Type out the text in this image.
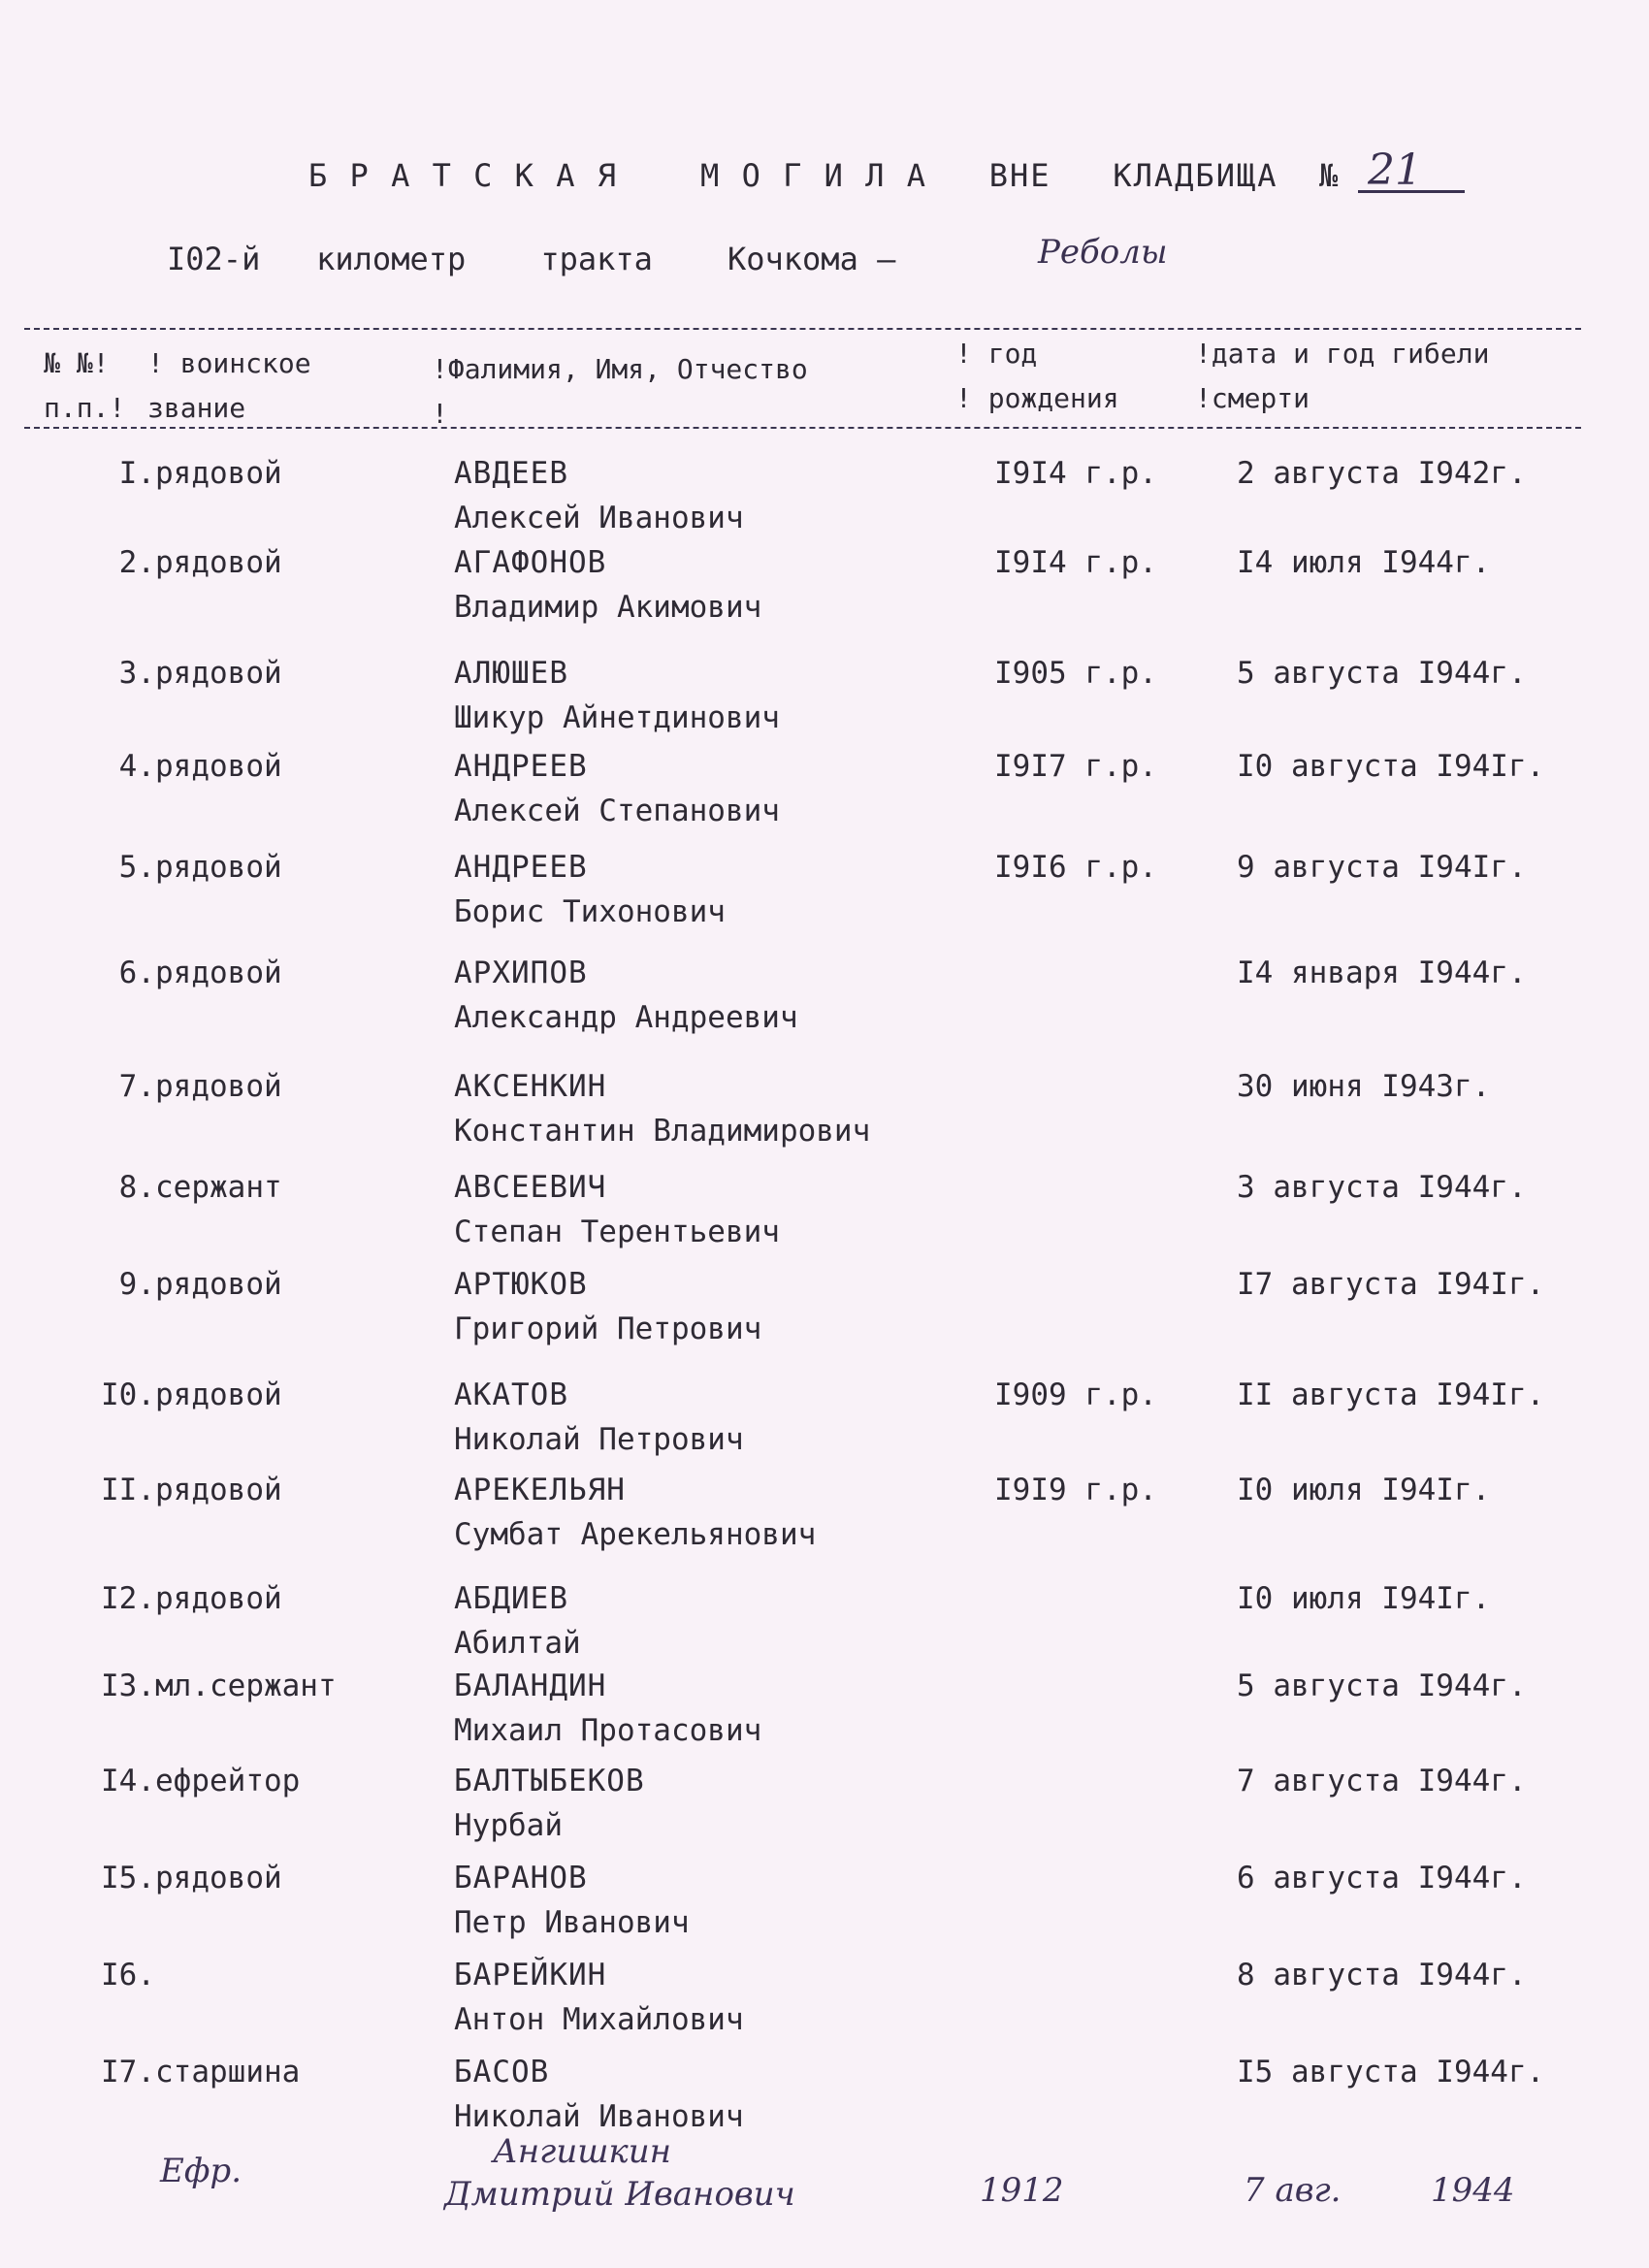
Б Р А Т С К А Я    М О Г И Л А   ВНЕ   КЛАДБИЩА  № 21
I02-й   километр    тракта    Кочкома –	Реболы
№ №!
п.п.!
! воинское
звание
!Фалимия, Имя, Отчество
!
! год
! рождения
!дата и год гибели
!смерти
I. рядовой	АВДЕЕВ
Алексей Иванович
I9I4 г.р.	2 августа I942г.
2. рядовой	АГАФОНОВ
Владимир Акимович
I9I4 г.р.	I4 июля I944г.
3. рядовой	АЛЮШЕВ
Шикур Айнетдинович
I905 г.р.	5 августа I944г.
4. рядовой	АНДРЕЕВ
Алексей Степанович
I9I7 г.р.	I0 августа I94Iг.
5. рядовой	АНДРЕЕВ
Борис Тихонович
I9I6 г.р.	9 августа I94Iг.
6. рядовой	АРХИПОВ
Александр Андреевич
I4 января I944г.
7. рядовой	АКСЕНКИН
Константин Владимирович
30 июня I943г.
8. сержант	АВСЕЕВИЧ
Степан Терентьевич
3 августа I944г.
9. рядовой	АРТЮКОВ
Григорий Петрович
I7 августа I94Iг.
I0. рядовой	АКАТОВ
Николай Петрович
I909 г.р.	II августа I94Iг.
II. рядовой	АРЕКЕЛЬЯН
Сумбат Арекельянович
I9I9 г.р.	I0 июля I94Iг.
I2. рядовой	АБДИЕВ
Абилтай
I0 июля I94Iг.
I3. мл.сержант	БАЛАНДИН
Михаил Протасович
5 августа I944г.
I4. ефрейтор	БАЛТЫБЕКОВ
Нурбай
7 августа I944г.
I5. рядовой	БАРАНОВ
Петр Иванович
6 августа I944г.
I6.	БАРЕЙКИН
Антон Михайлович
8 августа I944г.
I7. старшина	БАСОВ
Николай Иванович
I5 августа I944г.
Ефр.	Ангишкин
Дмитрий Иванович	1912	7 авг.	1944
